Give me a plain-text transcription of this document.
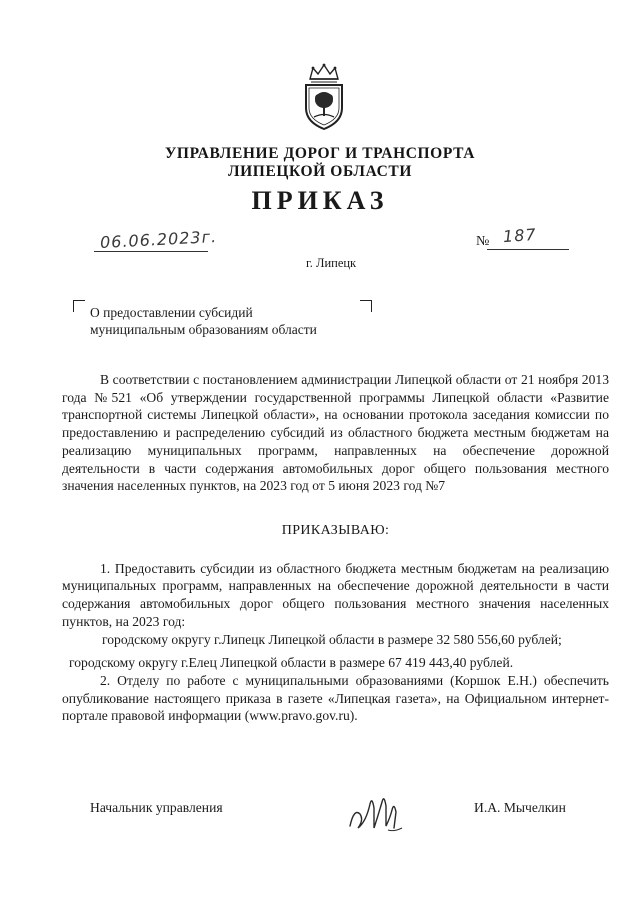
УПРАВЛЕНИЕ ДОРОГ И ТРАНСПОРТА
ЛИПЕЦКОЙ ОБЛАСТИ
ПРИКАЗ
06.06.2023г.	№ 187
г. Липецк
О предоставлении субсидий
муниципальным образованиям области

В соответствии с постановлением администрации Липецкой области от 21 ноября 2013 года №521 «Об утверждении государственной программы Липецкой области «Развитие транспортной системы Липецкой области», на основании протокола заседания комиссии по предоставлению и распределению субсидий из областного бюджета местным бюджетам на реализацию муниципальных программ, направленных на обеспечение дорожной деятельности в части содержания автомобильных дорог общего пользования местного значения населенных пунктов, на 2023 год от 5 июня 2023 год №7

ПРИКАЗЫВАЮ:

1. Предоставить субсидии из областного бюджета местным бюджетам на реализацию муниципальных программ, направленных на обеспечение дорожной деятельности в части содержания автомобильных дорог общего пользования местного значения населенных пунктов, на 2023 год:

городскому округу г.Липецк Липецкой области в размере 32 580 556,60 рублей;

городскому округу г.Елец Липецкой области в размере 67 419 443,40 рублей.

2. Отделу по работе с муниципальными образованиями (Коршок Е.Н.) обеспечить опубликование настоящего приказа в газете «Липецкая газета», на Официальном интернет-портале правовой информации (www.pravo.gov.ru).

Начальник управления	И.А. Мычелкин
